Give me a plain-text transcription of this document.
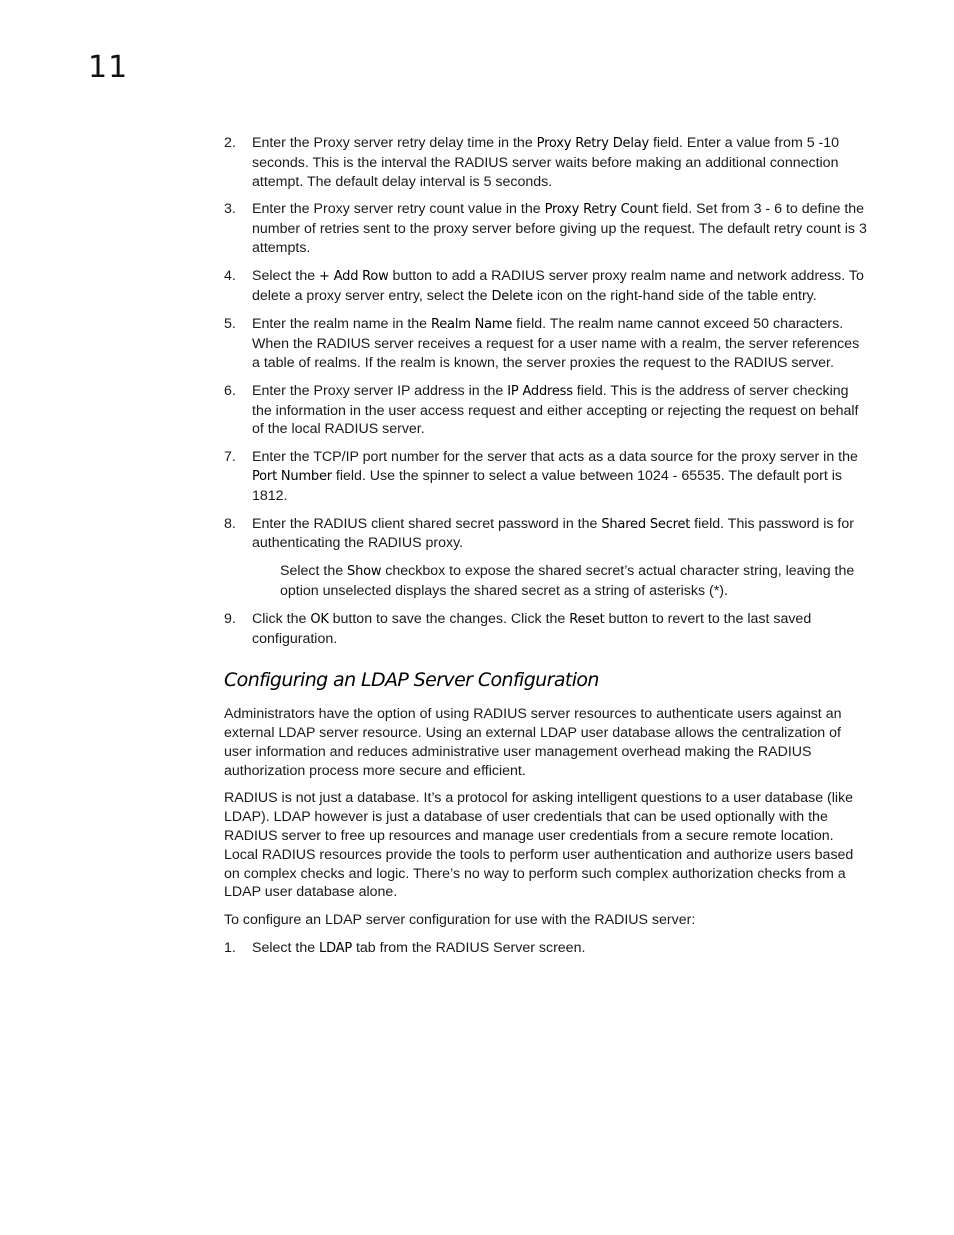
11
2. Enter the Proxy server retry delay time in the Proxy Retry Delay field. Enter a value from 5 -10 seconds. This is the interval the RADIUS server waits before making an additional connection attempt. The default delay interval is 5 seconds.
3. Enter the Proxy server retry count value in the Proxy Retry Count field. Set from 3 - 6 to define the number of retries sent to the proxy server before giving up the request. The default retry count is 3 attempts.
4. Select the + Add Row button to add a RADIUS server proxy realm name and network address. To delete a proxy server entry, select the Delete icon on the right-hand side of the table entry.
5. Enter the realm name in the Realm Name field. The realm name cannot exceed 50 characters. When the RADIUS server receives a request for a user name with a realm, the server references a table of realms. If the realm is known, the server proxies the request to the RADIUS server.
6. Enter the Proxy server IP address in the IP Address field. This is the address of server checking the information in the user access request and either accepting or rejecting the request on behalf of the local RADIUS server.
7. Enter the TCP/IP port number for the server that acts as a data source for the proxy server in the Port Number field. Use the spinner to select a value between 1024 - 65535. The default port is 1812.
8. Enter the RADIUS client shared secret password in the Shared Secret field. This password is for authenticating the RADIUS proxy.
Select the Show checkbox to expose the shared secret’s actual character string, leaving the option unselected displays the shared secret as a string of asterisks (*).
9. Click the OK button to save the changes. Click the Reset button to revert to the last saved configuration.
Configuring an LDAP Server Configuration

Administrators have the option of using RADIUS server resources to authenticate users against an external LDAP server resource. Using an external LDAP user database allows the centralization of user information and reduces administrative user management overhead making the RADIUS authorization process more secure and efficient.

RADIUS is not just a database. It’s a protocol for asking intelligent questions to a user database (like LDAP). LDAP however is just a database of user credentials that can be used optionally with the RADIUS server to free up resources and manage user credentials from a secure remote location. Local RADIUS resources provide the tools to perform user authentication and authorize users based on complex checks and logic. There’s no way to perform such complex authorization checks from a LDAP user database alone.

To configure an LDAP server configuration for use with the RADIUS server:

1. Select the LDAP tab from the RADIUS Server screen.
